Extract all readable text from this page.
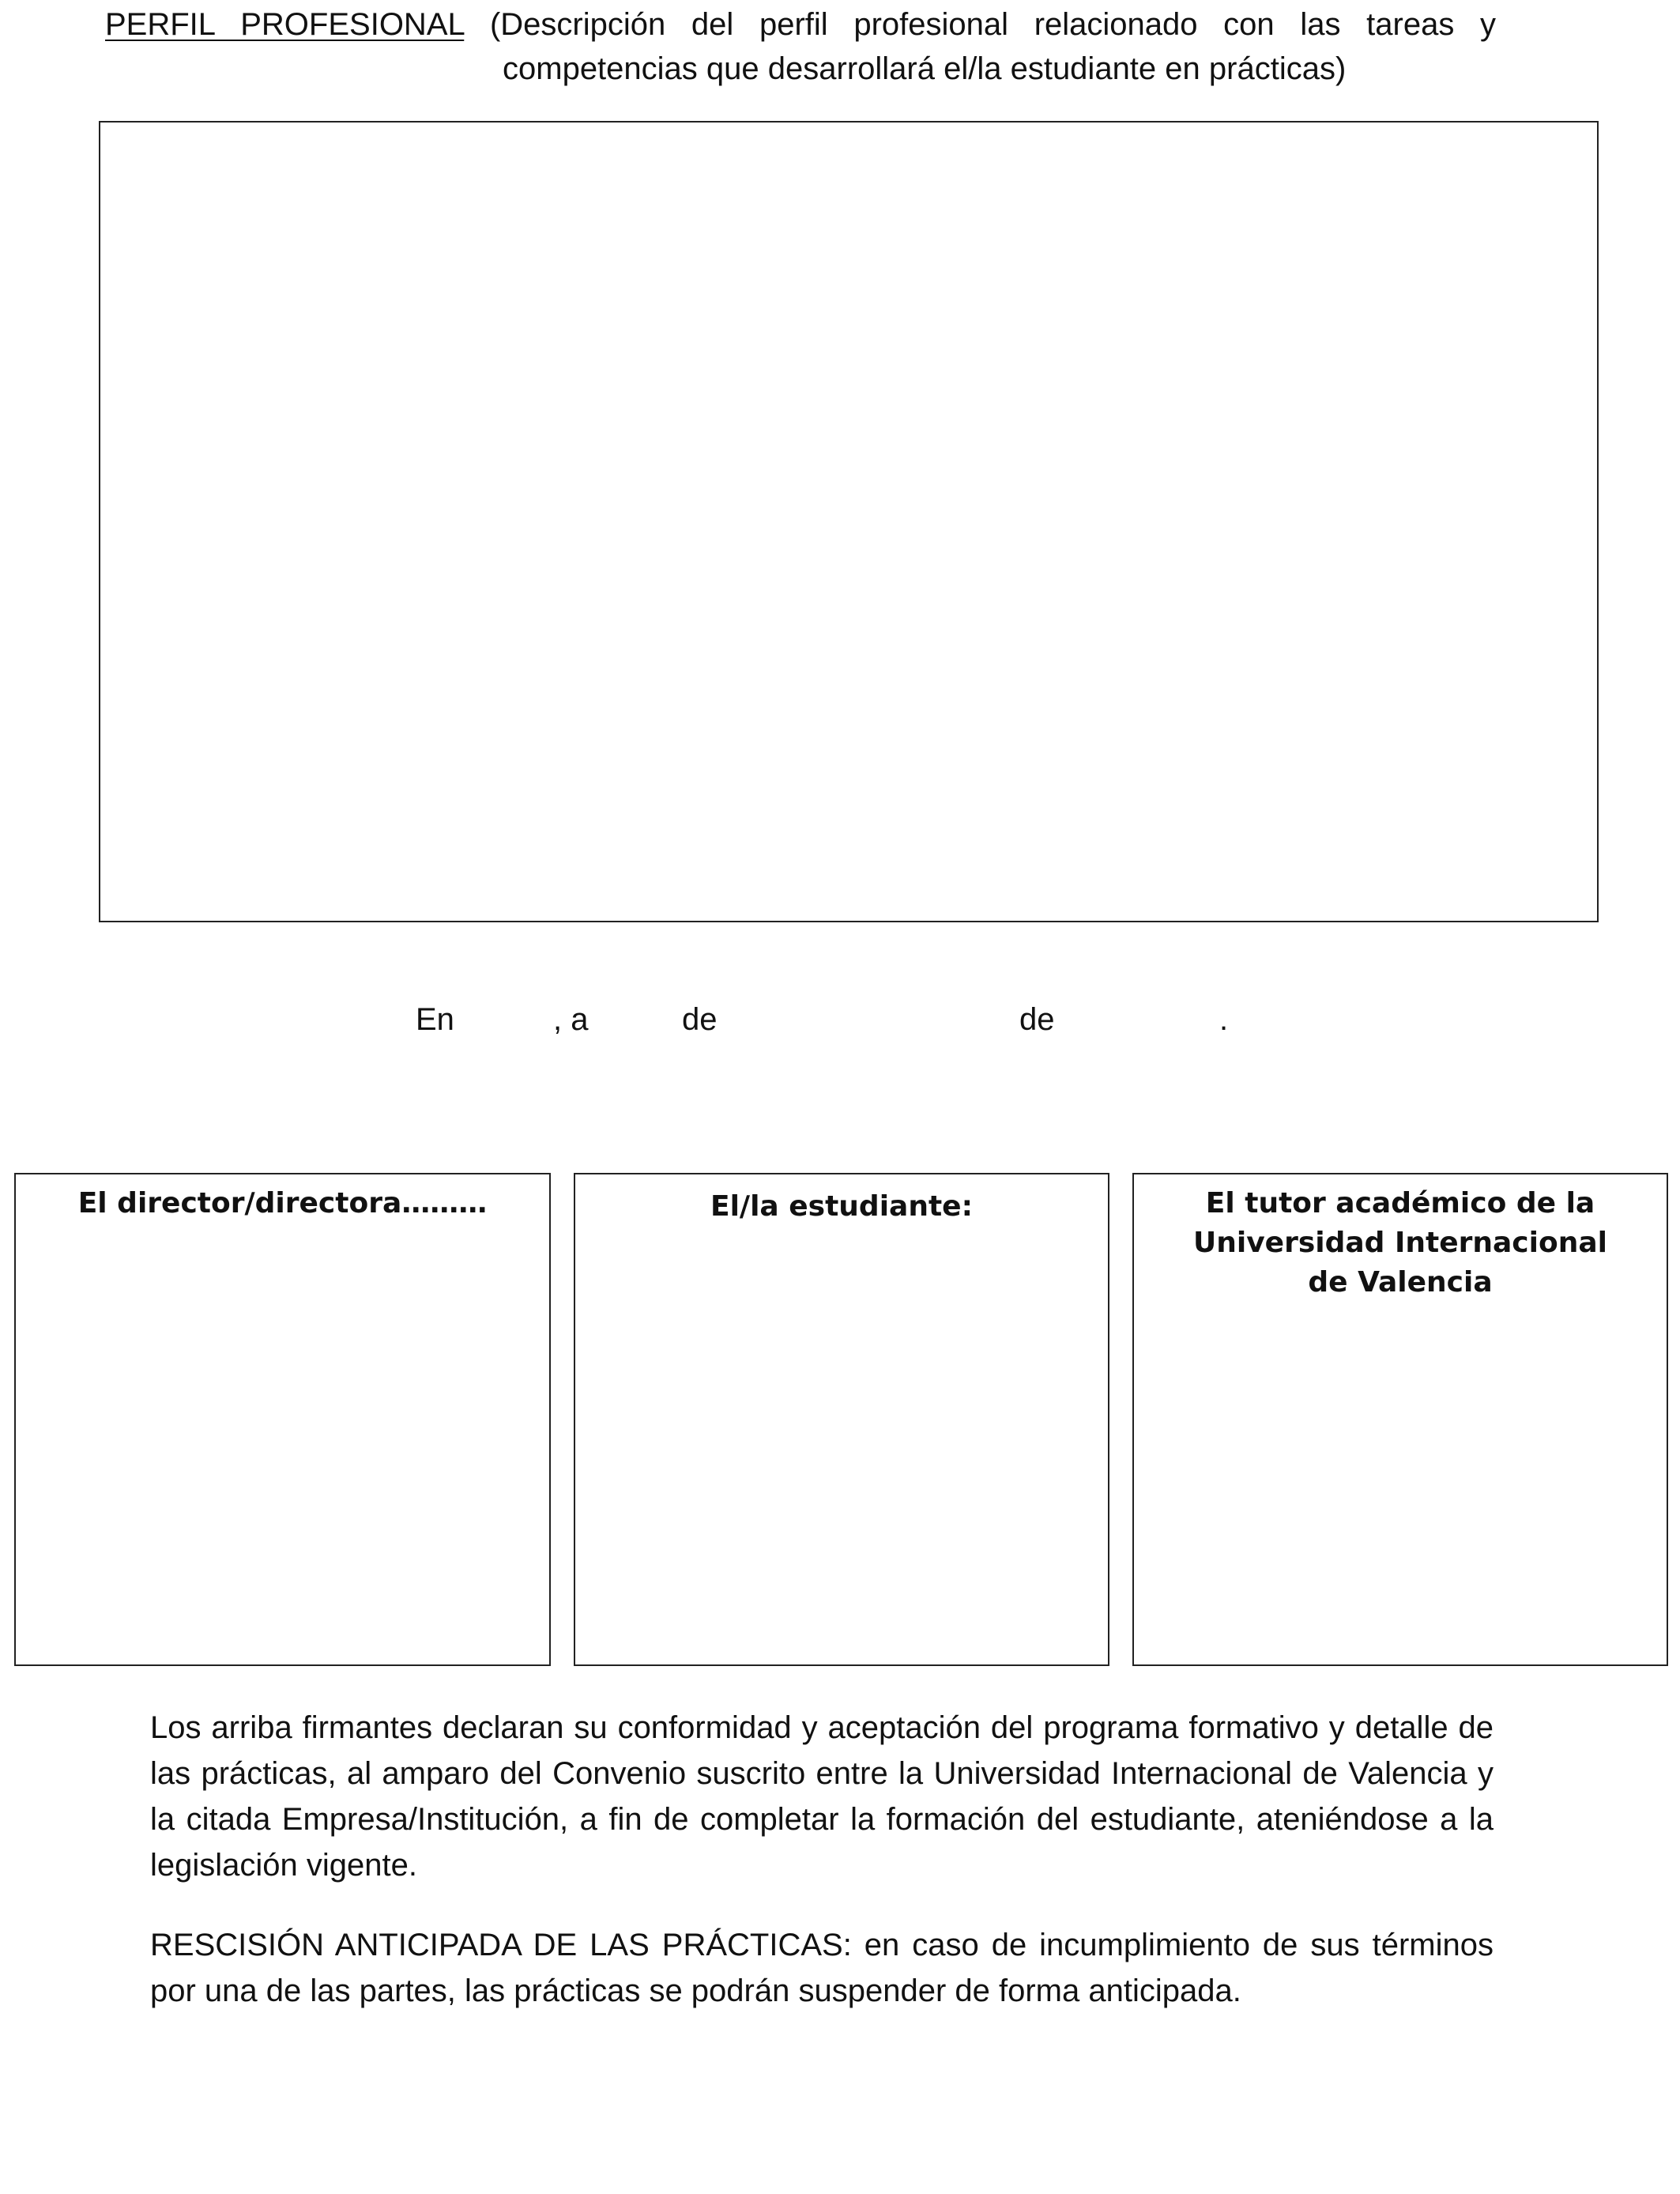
PERFIL PROFESIONAL (Descripción del perfil profesional relacionado con las tareas y
competencias que desarrollará el/la estudiante en prácticas)
En	, a	de	de	.
El director/directora………	El/la estudiante:	El tutor académico de la Universidad Internacional de Valencia
Los arriba firmantes declaran su conformidad y aceptación del programa formativo y detalle de las prácticas, al amparo del Convenio suscrito entre la Universidad Internacional de Valencia y la citada Empresa/Institución, a fin de completar la formación del estudiante, ateniéndose a la legislación vigente.
RESCISIÓN ANTICIPADA DE LAS PRÁCTICAS: en caso de incumplimiento de sus términos por una de las partes, las prácticas se podrán suspender de forma anticipada.
